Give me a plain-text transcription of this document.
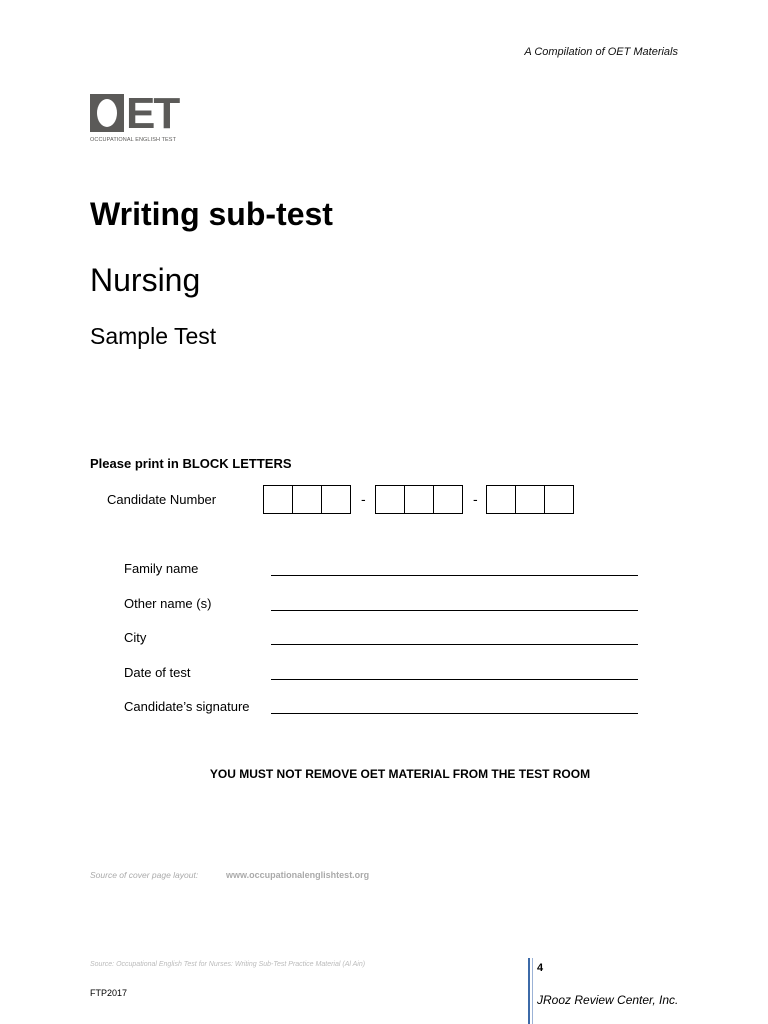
A Compilation of OET Materials
ET
OCCUPATIONAL ENGLISH TEST
Writing sub-test
Nursing
Sample Test
Please print in BLOCK LETTERS
Candidate Number	-	-
Family name
Other name (s)
City
Date of test
Candidate’s signature
YOU MUST NOT REMOVE OET MATERIAL FROM THE TEST ROOM
Source of cover page layout:	www.occupationalenglishtest.org
Source: Occupational English Test for Nurses: Writing Sub-Test Practice Material (Al Ain)
FTP2017
4
JRooz Review Center, Inc.
